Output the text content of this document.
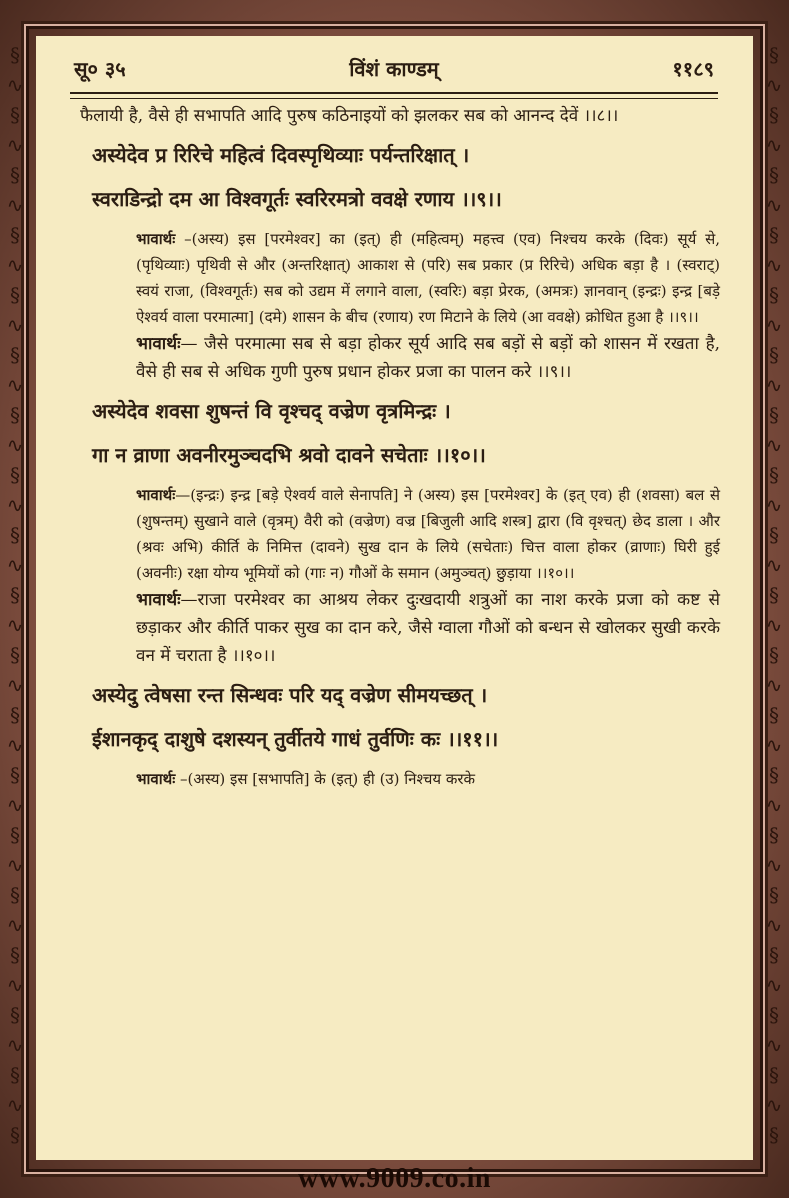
§
∿
§
∿
§
∿
§
∿
§
∿
§
∿
§
∿
§
∿
§
∿
§
∿
§
∿
§
∿
§
∿
§
∿
§
∿
§
∿
§
∿
§
∿
§
§
∿
§
∿
§
∿
§
∿
§
∿
§
∿
§
∿
§
∿
§
∿
§
∿
§
∿
§
∿
§
∿
§
∿
§
∿
§
∿
§
∿
§
∿
§
सू० ३५	विंशं काण्डम्	११८९

फैलायी है, वैसे ही सभापति आदि पुरुष कठिनाइयों को झलकर सब को आनन्द देवें ।।८।।

अस्येदेव प्र रिरिचे महित्वं दिवस्पृथिव्याः पर्यन्तरिक्षात् ।

स्वराडिन्द्रो दम आ विश्वगूर्तः स्वरिरमत्रो ववक्षे रणाय ।।९।।

भावार्थः –(अस्य) इस [परमेश्वर] का (इत्) ही (महित्वम्) महत्त्व (एव) निश्चय करके (दिवः) सूर्य से, (पृथिव्याः) पृथिवी से और (अन्तरिक्षात्) आकाश से (परि) सब प्रकार (प्र रिरिचे) अधिक बड़ा है । (स्वराट्) स्वयं राजा, (विश्वगूर्तः) सब को उद्यम में लगाने वाला, (स्वरिः) बड़ा प्रेरक, (अमत्रः) ज्ञानवान् (इन्द्रः) इन्द्र [बड़े ऐश्वर्य वाला परमात्मा] (दमे) शासन के बीच (रणाय) रण मिटाने के लिये (आ ववक्षे) क्रोधित हुआ है ।।९।।

भावार्थः— जैसे परमात्मा सब से बड़ा होकर सूर्य आदि सब बड़ों से बड़ों को शासन में रखता है, वैसे ही सब से अधिक गुणी पुरुष प्रधान होकर प्रजा का पालन करे ।।९।।

अस्येदेव शवसा शुषन्तं वि वृश्चद् वज्रेण वृत्रमिन्द्रः ।

गा न व्राणा अवनीरमुञ्चदभि श्रवो दावने सचेताः ।।१०।।

भावार्थः—(इन्द्रः) इन्द्र [बड़े ऐश्वर्य वाले सेनापति] ने (अस्य) इस [परमेश्वर] के (इत् एव) ही (शवसा) बल से (शुषन्तम्) सुखाने वाले (वृत्रम्) वैरी को (वज्रेण) वज्र [बिजुली आदि शस्त्र] द्वारा (वि वृश्चत्) छेद डाला । और (श्रवः अभि) कीर्ति के निमित्त (दावने) सुख दान के लिये (सचेताः) चित्त वाला होकर (व्राणाः) घिरी हुई (अवनीः) रक्षा योग्य भूमियों को (गाः न) गौओं के समान (अमुञ्चत्) छुड़ाया ।।१०।।

भावार्थः—राजा परमेश्वर का आश्रय लेकर दुःखदायी शत्रुओं का नाश करके प्रजा को कष्ट से छड़ाकर और कीर्ति पाकर सुख का दान करे, जैसे ग्वाला गौओं को बन्धन से खोलकर सुखी करके वन में चराता है ।।१०।।

अस्येदु त्वेषसा रन्त सिन्धवः परि यद् वज्रेण सीमयच्छत् ।

ईशानकृद् दाशुषे दशस्यन् तुर्वीतये गाधं तुर्वणिः कः ।।११।।

भावार्थः –(अस्य) इस [सभापति] के (इत्) ही (उ) निश्चय करके

www.9009.co.in
